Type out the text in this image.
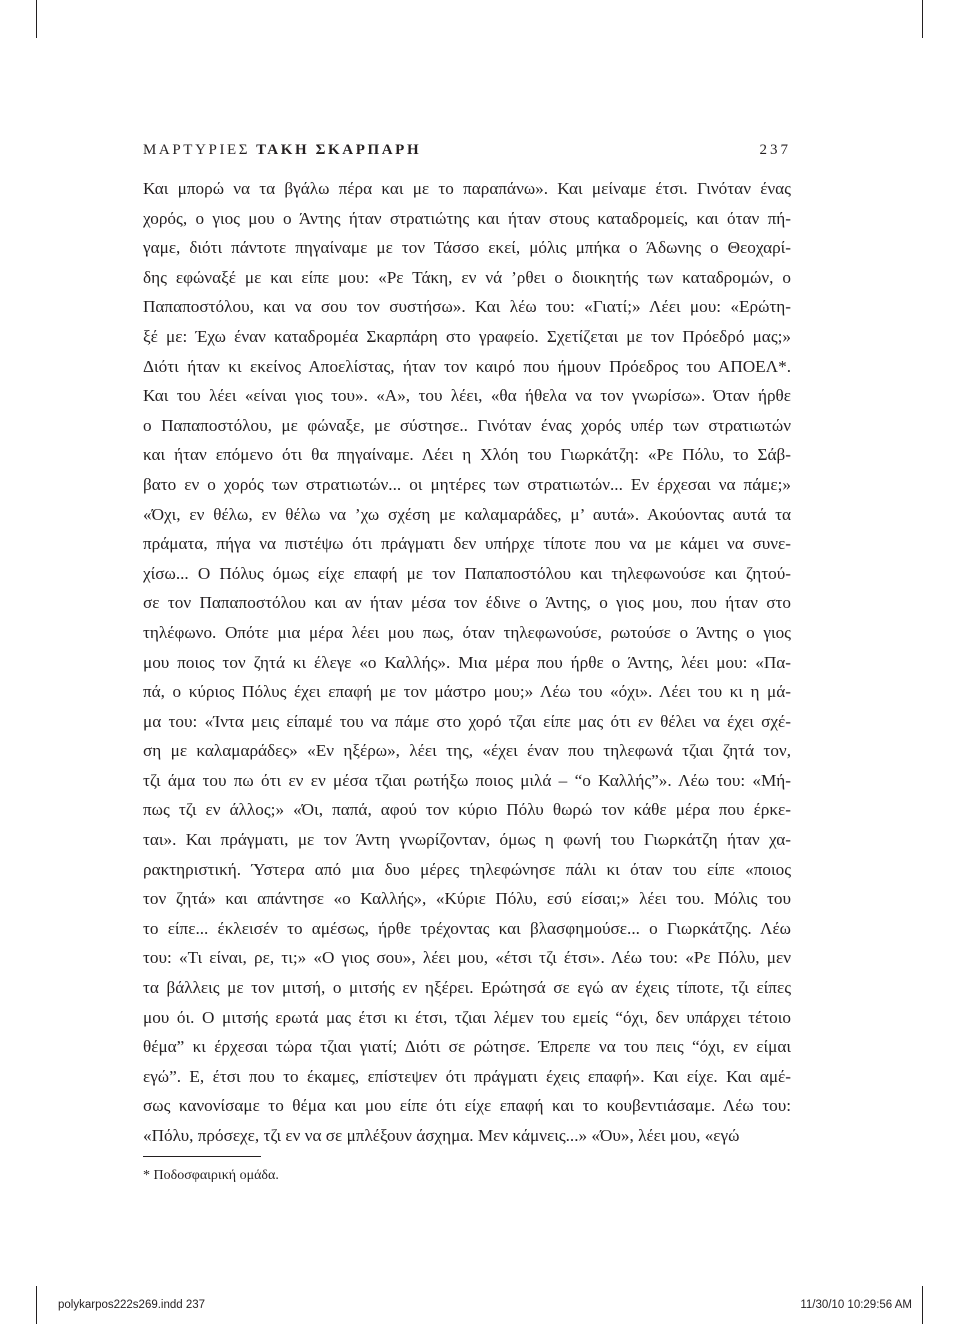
ΜΑΡΤΥΡΙΕΣ ΤΑΚΗ ΣΚΑΡΠΑΡΗ	237
Και μπορώ να τα βγάλω πέρα και με το παραπάνω». Και μείναμε έτσι. Γινόταν ένας
χορός, ο γιος μου ο Άντης ήταν στρατιώτης και ήταν στους καταδρομείς, και όταν πή-
γαμε, διότι πάντοτε πηγαίναμε με τον Τάσσο εκεί, μόλις μπήκα ο Άδωνης ο Θεοχαρί-
δης εφώναξέ με και είπε μου: «Ρε Τάκη, εν νά ’ρθει ο διοικητής των καταδρομών, ο
Παπαποστόλου, και να σου τον συστήσω». Και λέω του: «Γιατί;» Λέει μου: «Ερώτη-
ξέ με: Έχω έναν καταδρομέα Σκαρπάρη στο γραφείο. Σχετίζεται με τον Πρόεδρό μας;»
Διότι ήταν κι εκείνος Αποελίστας, ήταν τον καιρό που ήμουν Πρόεδρος του ΑΠΟΕΛ*.
Και του λέει «είναι γιος του». «Α», του λέει, «θα ήθελα να τον γνωρίσω». Όταν ήρθε
ο Παπαποστόλου, με φώναξε, με σύστησε.. Γινόταν ένας χορός υπέρ των στρατιωτών
και ήταν επόμενο ότι θα πηγαίναμε. Λέει η Χλόη του Γιωρκάτζη: «Ρε Πόλυ, το Σάβ-
βατο εν ο χορός των στρατιωτών... οι μητέρες των στρατιωτών... Εν έρχεσαι να πάμε;»
«Όχι, εν θέλω, εν θέλω να ’χω σχέση με καλαμαράδες, μ’ αυτά». Ακούοντας αυτά τα
πράματα, πήγα να πιστέψω ότι πράγματι δεν υπήρχε τίποτε που να με κάμει να συνε-
χίσω... Ο Πόλυς όμως είχε επαφή με τον Παπαποστόλου και τηλεφωνούσε και ζητού-
σε τον Παπαποστόλου και αν ήταν μέσα τον έδινε ο Άντης, ο γιος μου, που ήταν στο
τηλέφωνο. Οπότε μια μέρα λέει μου πως, όταν τηλεφωνούσε, ρωτούσε ο Άντης ο γιος
μου ποιος τον ζητά κι έλεγε «ο Καλλής». Μια μέρα που ήρθε ο Άντης, λέει μου: «Πα-
πά, ο κύριος Πόλυς έχει επαφή με τον μάστρο μου;» Λέω του «όχι». Λέει του κι η μά-
μα του: «Ίντα μεις είπαμέ του να πάμε στο χορό τζαι είπε μας ότι εν θέλει να έχει σχέ-
ση με καλαμαράδες» «Εν ηξέρω», λέει της, «έχει έναν που τηλεφωνά τζιαι ζητά τον,
τζι άμα του πω ότι εν εν μέσα τζιαι ρωτήξω ποιος μιλά – “ο Καλλής”». Λέω του: «Μή-
πως τζι εν άλλος;» «Όι, παπά, αφού τον κύριο Πόλυ θωρώ τον κάθε μέρα που έρκε-
ται». Και πράγματι, με τον Άντη γνωρίζονταν, όμως η φωνή του Γιωρκάτζη ήταν χα-
ρακτηριστική. Ύστερα από μια δυο μέρες τηλεφώνησε πάλι κι όταν του είπε «ποιος
τον ζητά» και απάντησε «ο Καλλής», «Κύριε Πόλυ, εσύ είσαι;» λέει του. Μόλις του
το είπε... έκλεισέν το αμέσως, ήρθε τρέχοντας και βλασφημούσε... ο Γιωρκάτζης. Λέω
του: «Τι είναι, ρε, τι;» «Ο γιος σου», λέει μου, «έτσι τζι έτσι». Λέω του: «Ρε Πόλυ, μεν
τα βάλλεις με τον μιτσή, ο μιτσής εν ηξέρει. Ερώτησά σε εγώ αν έχεις τίποτε, τζι είπες
μου όι. Ο μιτσής ερωτά μας έτσι κι έτσι, τζιαι λέμεν του εμείς “όχι, δεν υπάρχει τέτοιο
θέμα” κι έρχεσαι τώρα τζιαι γιατί; Διότι σε ρώτησε. Έπρεπε να του πεις “όχι, εν είμαι
εγώ”. Ε, έτσι που το έκαμες, επίστεψεν ότι πράγματι έχεις επαφή». Και είχε. Και αμέ-
σως κανονίσαμε το θέμα και μου είπε ότι είχε επαφή και το κουβεντιάσαμε. Λέω του:
«Πόλυ, πρόσεχε, τζι εν να σε μπλέξουν άσχημα. Μεν κάμνεις...» «Όυ», λέει μου, «εγώ
* Ποδοσφαιρική ομάδα.
polykarpos222s269.indd 237	11/30/10 10:29:56 AM
